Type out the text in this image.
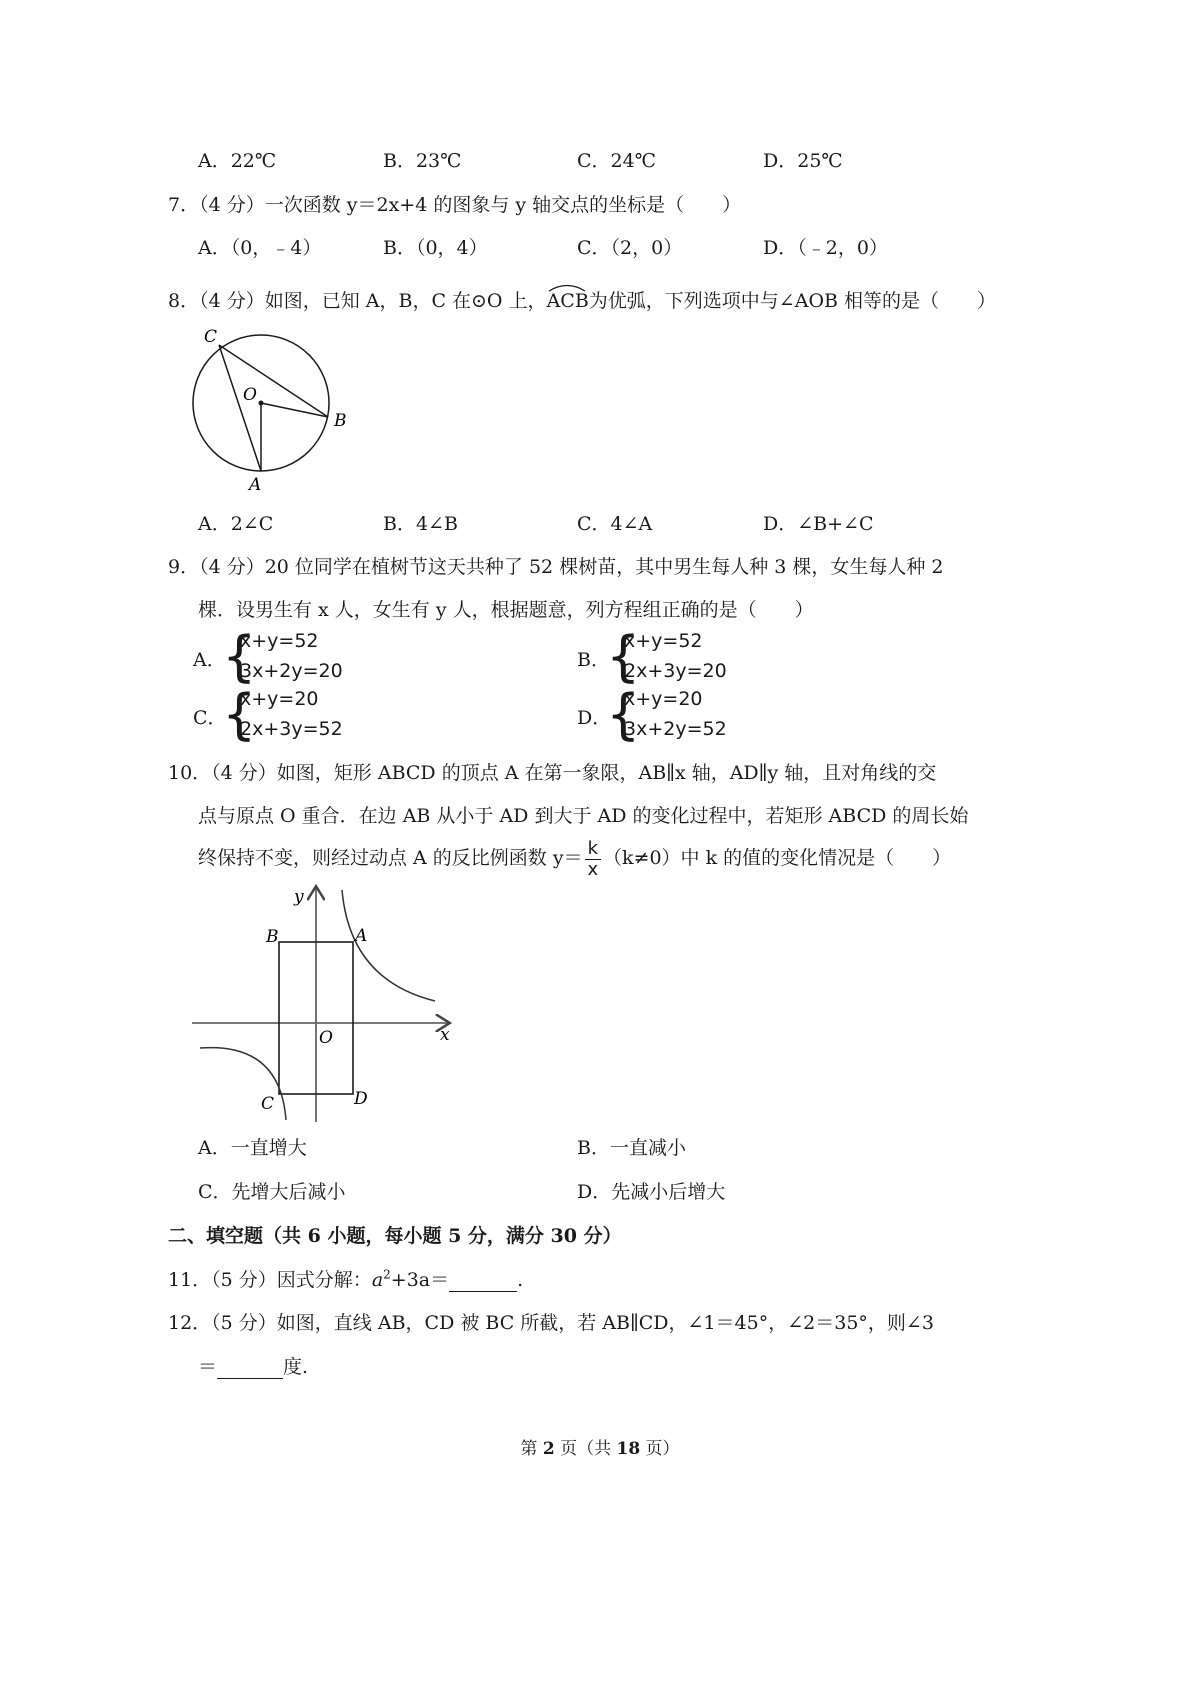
A．22℃	B．23℃	C．24℃	D．25℃
7．（4 分）一次函数 y＝2x+4 的图象与 y 轴交点的坐标是（　　）
A．（0，﹣4）	B．（0，4）	C．（2，0）	D．（﹣2，0）
8．（4 分）如图，已知 A，B，C 在⊙O 上，ACB
为优弧，下列选项中与∠AOB 相等的是（　　）
C
O
B
A
A．2∠C	B．4∠B	C．4∠A	D．∠B+∠C
9．（4 分）20 位同学在植树节这天共种了 52 棵树苗，其中男生每人种 3 棵，女生每人种 2
棵．设男生有 x 人，女生有 y 人，根据题意，列方程组正确的是（　　）
A．
{
x+y=52
3x+2y=20	B．
{
x+y=52
2x+3y=20
C．
{
x+y=20
2x+3y=52	D．
{
x+y=20
3x+2y=52
10．（4 分）如图，矩形 ABCD 的顶点 A 在第一象限，AB∥x 轴，AD∥y 轴，且对角线的交
点与原点 O 重合．在边 AB 从小于 AD 到大于 AD 的变化过程中，若矩形 ABCD 的周长始
终保持不变，则经过动点 A 的反比例函数 $y= \frac{k}{x} (k\ne 0)$中 k 的值的变化情况是（　　）
y
B	A
O	x
C	D
A．一直增大	B．一直减小
C．先增大后减小	D．先减小后增大
二、填空题（共 6 小题，每小题 5 分，满分 30 分）
11．（5 分）因式分解：$a^2+3a=$	.
12．（5 分）如图，直线 AB，CD 被 BC 所截，若 AB∥CD，∠1＝45°，∠2＝35°，则∠3
＝	度.
第 2 页（共 18 页）
